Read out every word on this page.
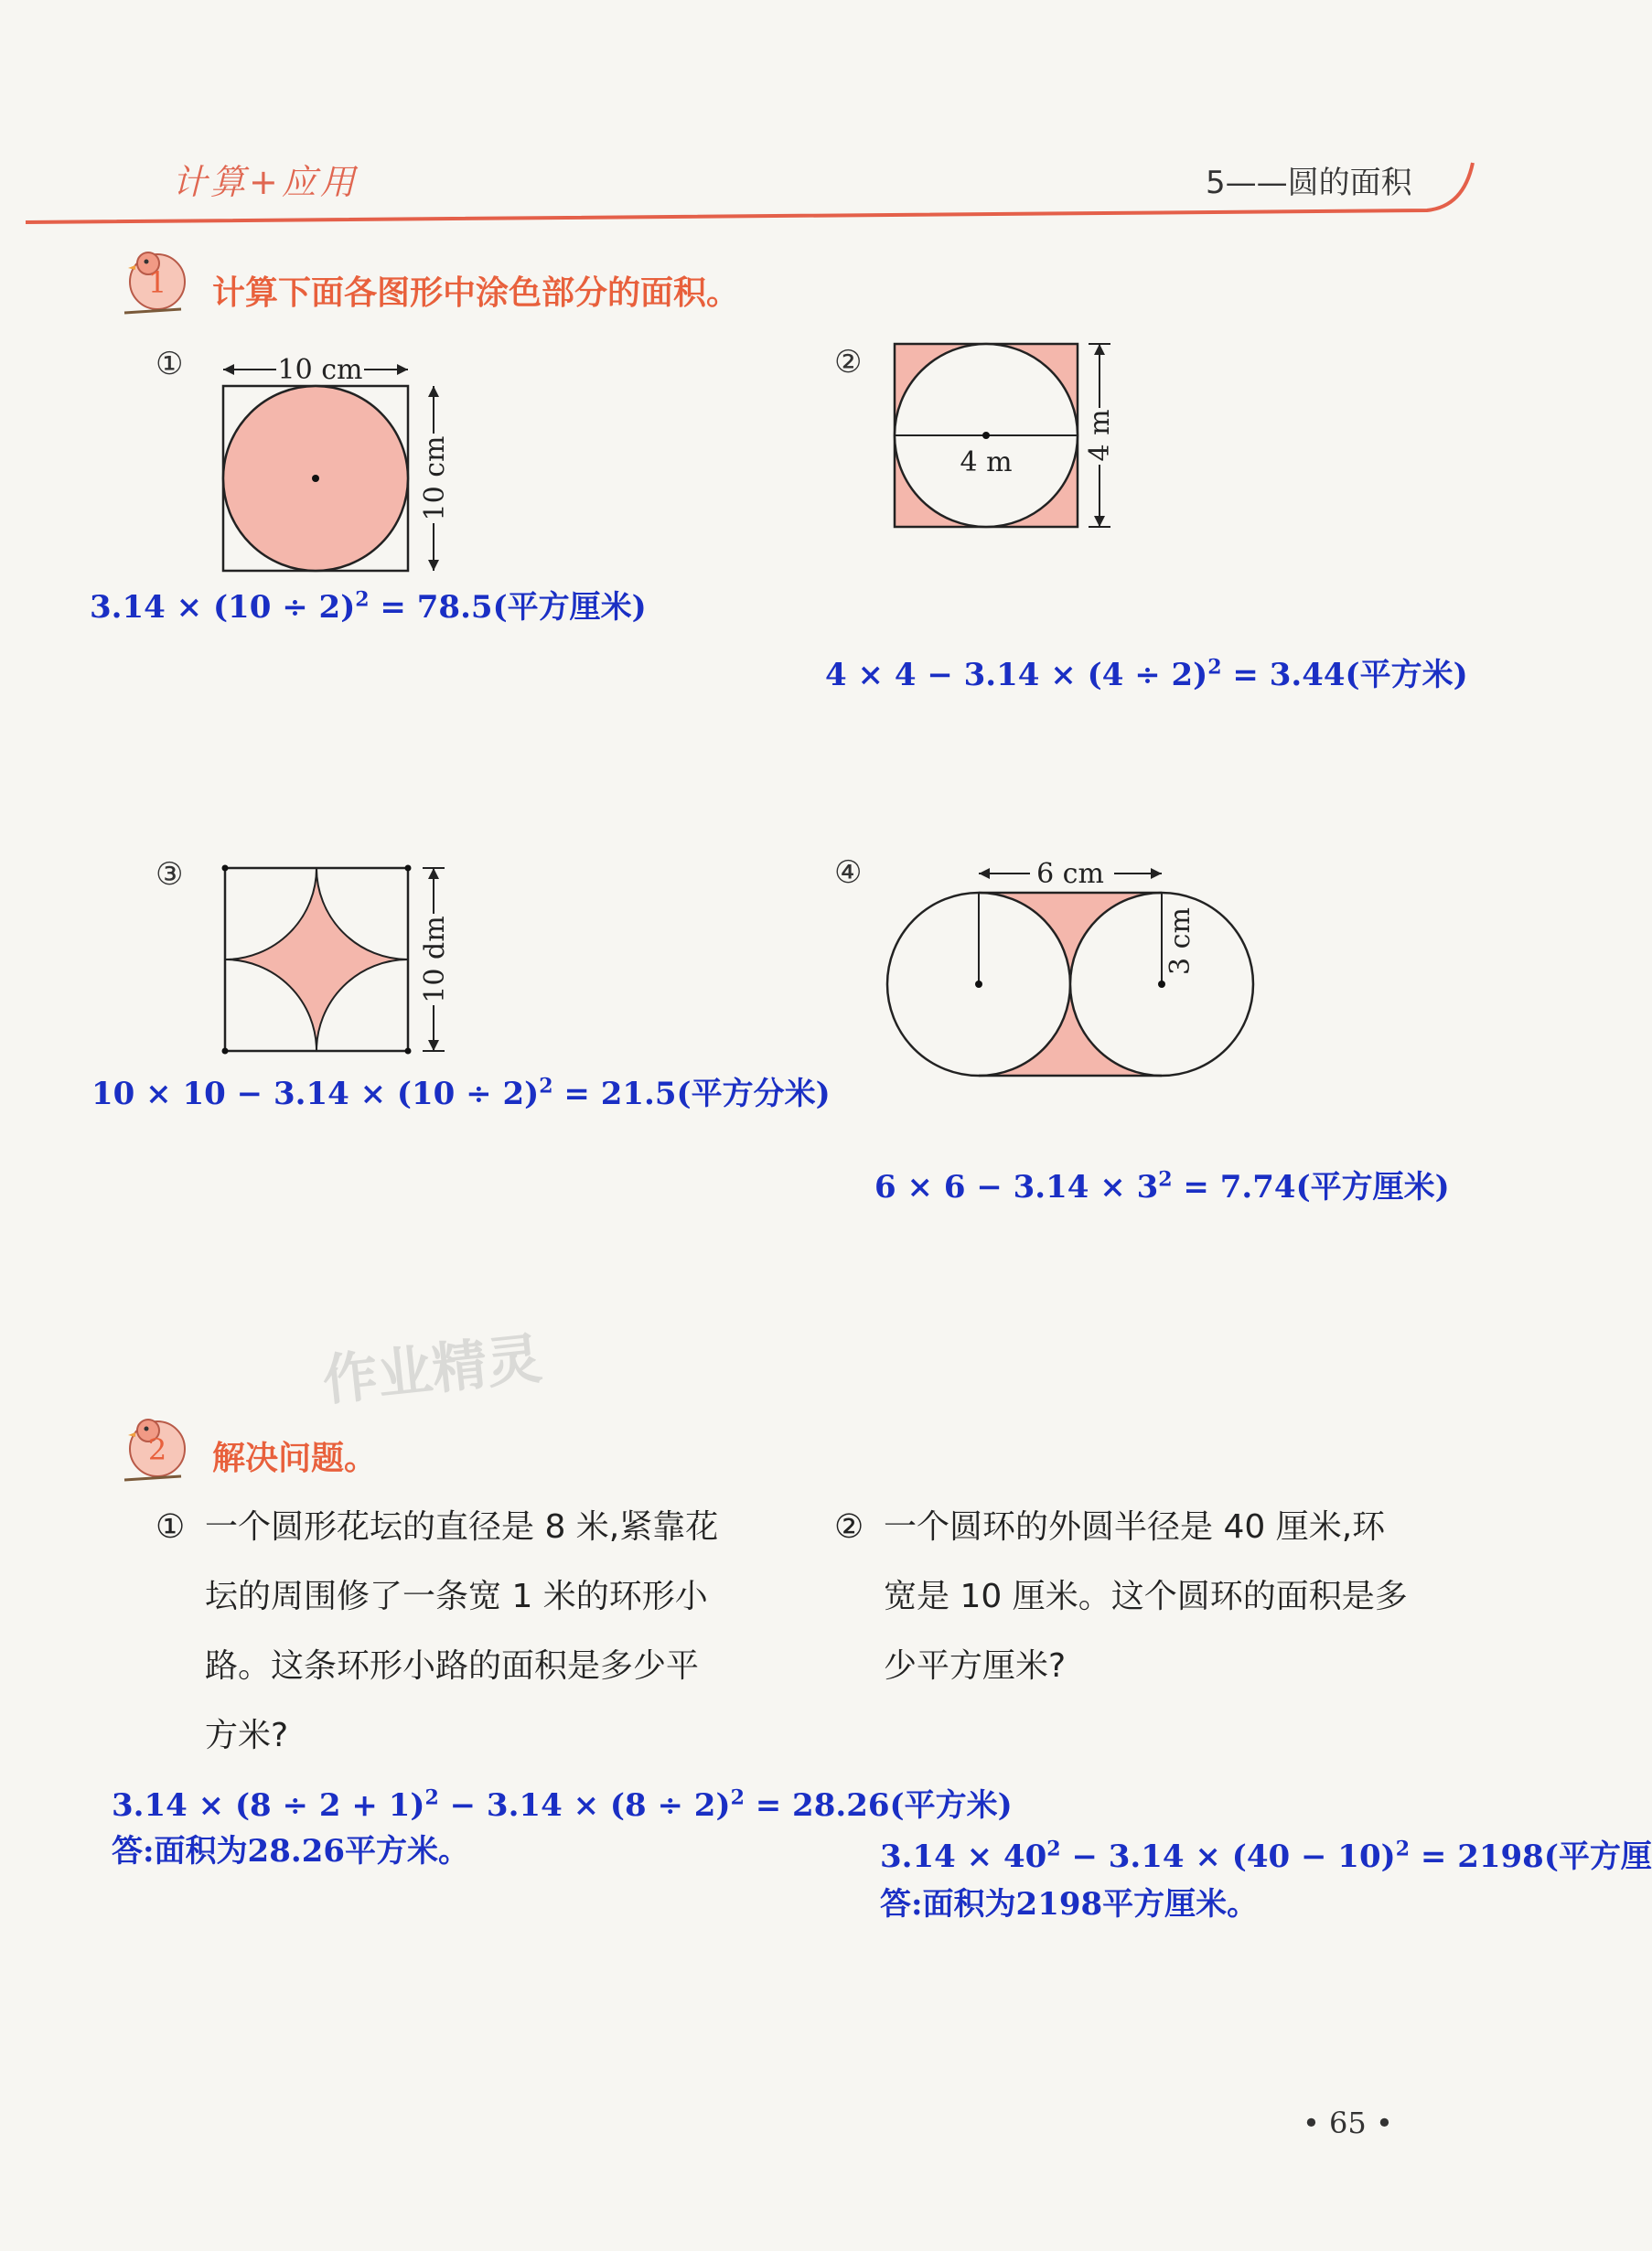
计算+应用	5——圆的面积
1 计算下面各图形中涂色部分的面积。
①	10 cm
10 cm
$3.14 \times (10 \div 2)^2 = 78.5$(平方厘米)
②
4 m
4 m
$4 \times 4 - 3.14 \times (4 \div 2)^2 = 3.44$(平方米)
③
10 dm
$10 \times 10 - 3.14 \times (10 \div 2)^2 = 21.5$(平方分米)
④	6 cm
3 cm
$6 \times 6 - 3.14 \times 3^2 = 7.74$(平方厘米)
作业精灵
2 解决问题。
① 一个圆形花坛的直径是 8 米,紧靠花
坛的周围修了一条宽 1 米的环形小
路。这条环形小路的面积是多少平
方米?
$3.14 \times (8 \div 2 + 1)^2 - 3.14 \times (8 \div 2)^2 = 28.26$(平方米)
答:面积为28.26平方米。
② 一个圆环的外圆半径是 40 厘米,环
宽是 10 厘米。这个圆环的面积是多
少平方厘米?
$3.14 \times 40^2 - 3.14 \times (40 - 10)^2 = 2198$(平方厘
答:面积为2198平方厘米。
• 65 •
